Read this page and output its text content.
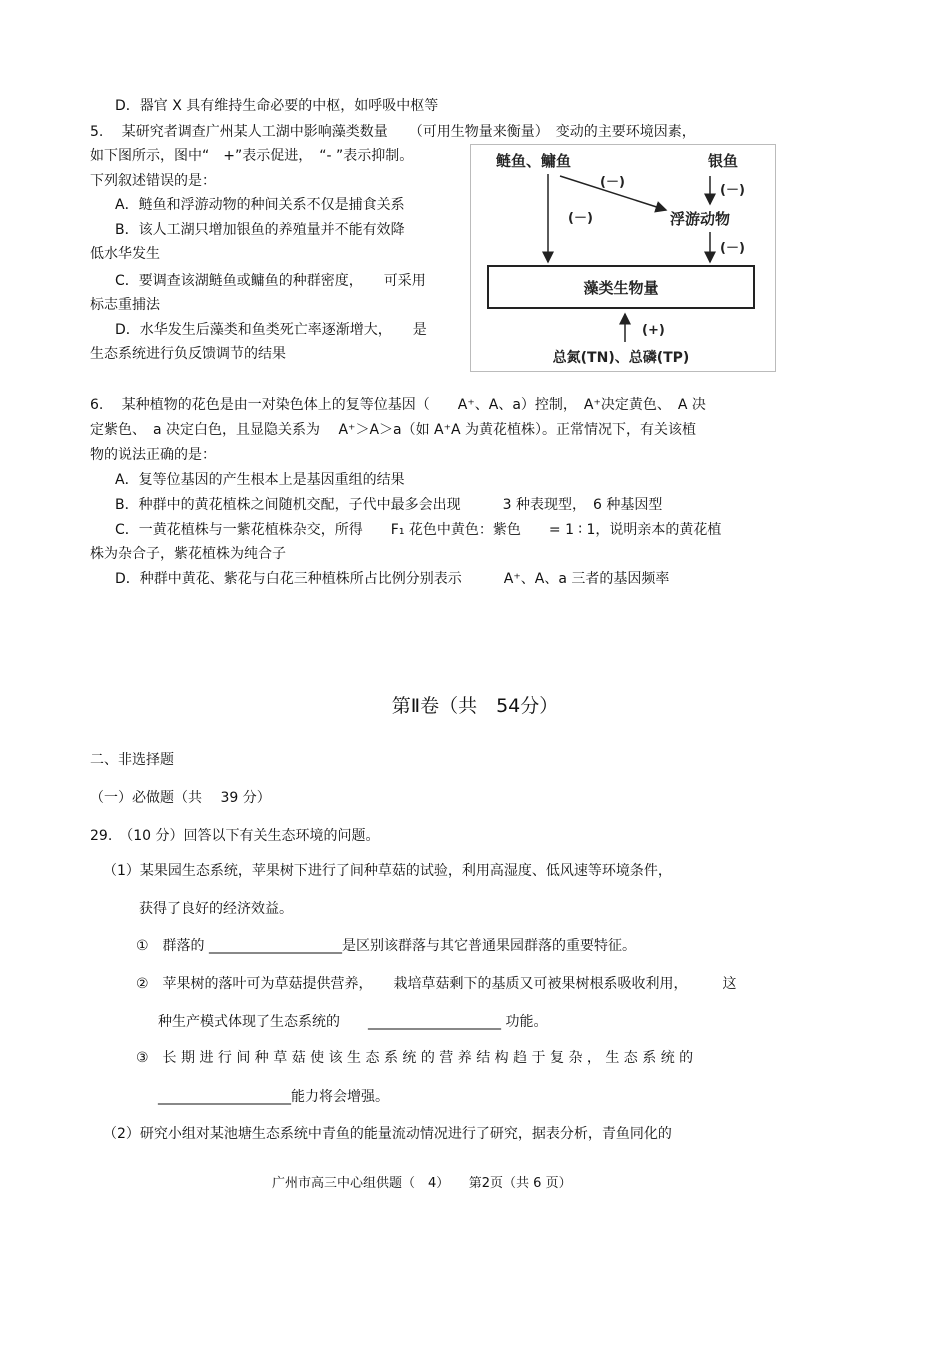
D．器官 X 具有维持生命必要的中枢，如呼吸中枢等
5.　 某研究者调查广州某人工湖中影响藻类数量　　（可用生物量来衡量）　变动的主要环境因素，
如下图所示，图中“　+”表示促进，　“- ”表示抑制。
下列叙述错误的是：
A．鲢鱼和浮游动物的种间关系不仅是捕食关系
B．该人工湖只增加银鱼的养殖量并不能有效降
低水华发生
C．要调查该湖鲢鱼或鳙鱼的种群密度，　　可采用
标志重捕法
D．水华发生后藻类和鱼类死亡率逐渐增大，　　是
生态系统进行负反馈调节的结果
鲢鱼、鳙鱼	银鱼
浮游动物
(－)
(－)
(－)
(－)
藻类生物量
(+)
总氮(TN)、总磷(TP)
6.　 某种植物的花色是由一对染色体上的复等位基因（　　A⁺、A、a）控制，　A⁺决定黄色、　A 决
定紫色、　a 决定白色，且显隐关系为　 A⁺＞A＞a（如 A⁺A 为黄花植株）。正常情况下，有关该植
物的说法正确的是：
A．复等位基因的产生根本上是基因重组的结果
B．种群中的黄花植株之间随机交配，子代中最多会出现　　　3 种表现型，　6 种基因型
C．一黄花植株与一紫花植株杂交，所得　　F₁ 花色中黄色：紫色　　= 1 ∶ 1，说明亲本的黄花植
株为杂合子，紫花植株为纯合子
D．种群中黄花、紫花与白花三种植株所占比例分别表示　　　A⁺、A、a 三者的基因频率
第Ⅱ卷（共　54分）
二、非选择题
（一）必做题（共　 39 分）
29.　（10 分）回答以下有关生态环境的问题。
（1）某果园生态系统，苹果树下进行了间种草菇的试验，利用高湿度、低风速等环境条件，
获得了良好的经济效益。
①　群落的 ___________________是区别该群落与其它普通果园群落的重要特征。
②　苹果树的落叶可为草菇提供营养，　　栽培草菇剩下的基质又可被果树根系吸收利用，　　　这
种生产模式体现了生态系统的　　___________________ 功能。
③　长 期 进 行 间 种 草 菇 使 该 生 态 系 统 的 营 养 结 构 趋 于 复 杂 ， 生 态 系 统 的
___________________能力将会增强。
（2）研究小组对某池塘生态系统中青鱼的能量流动情况进行了研究，据表分析，青鱼同化的
广州市高三中心组供题（　4）　　第2页（共 6 页）
